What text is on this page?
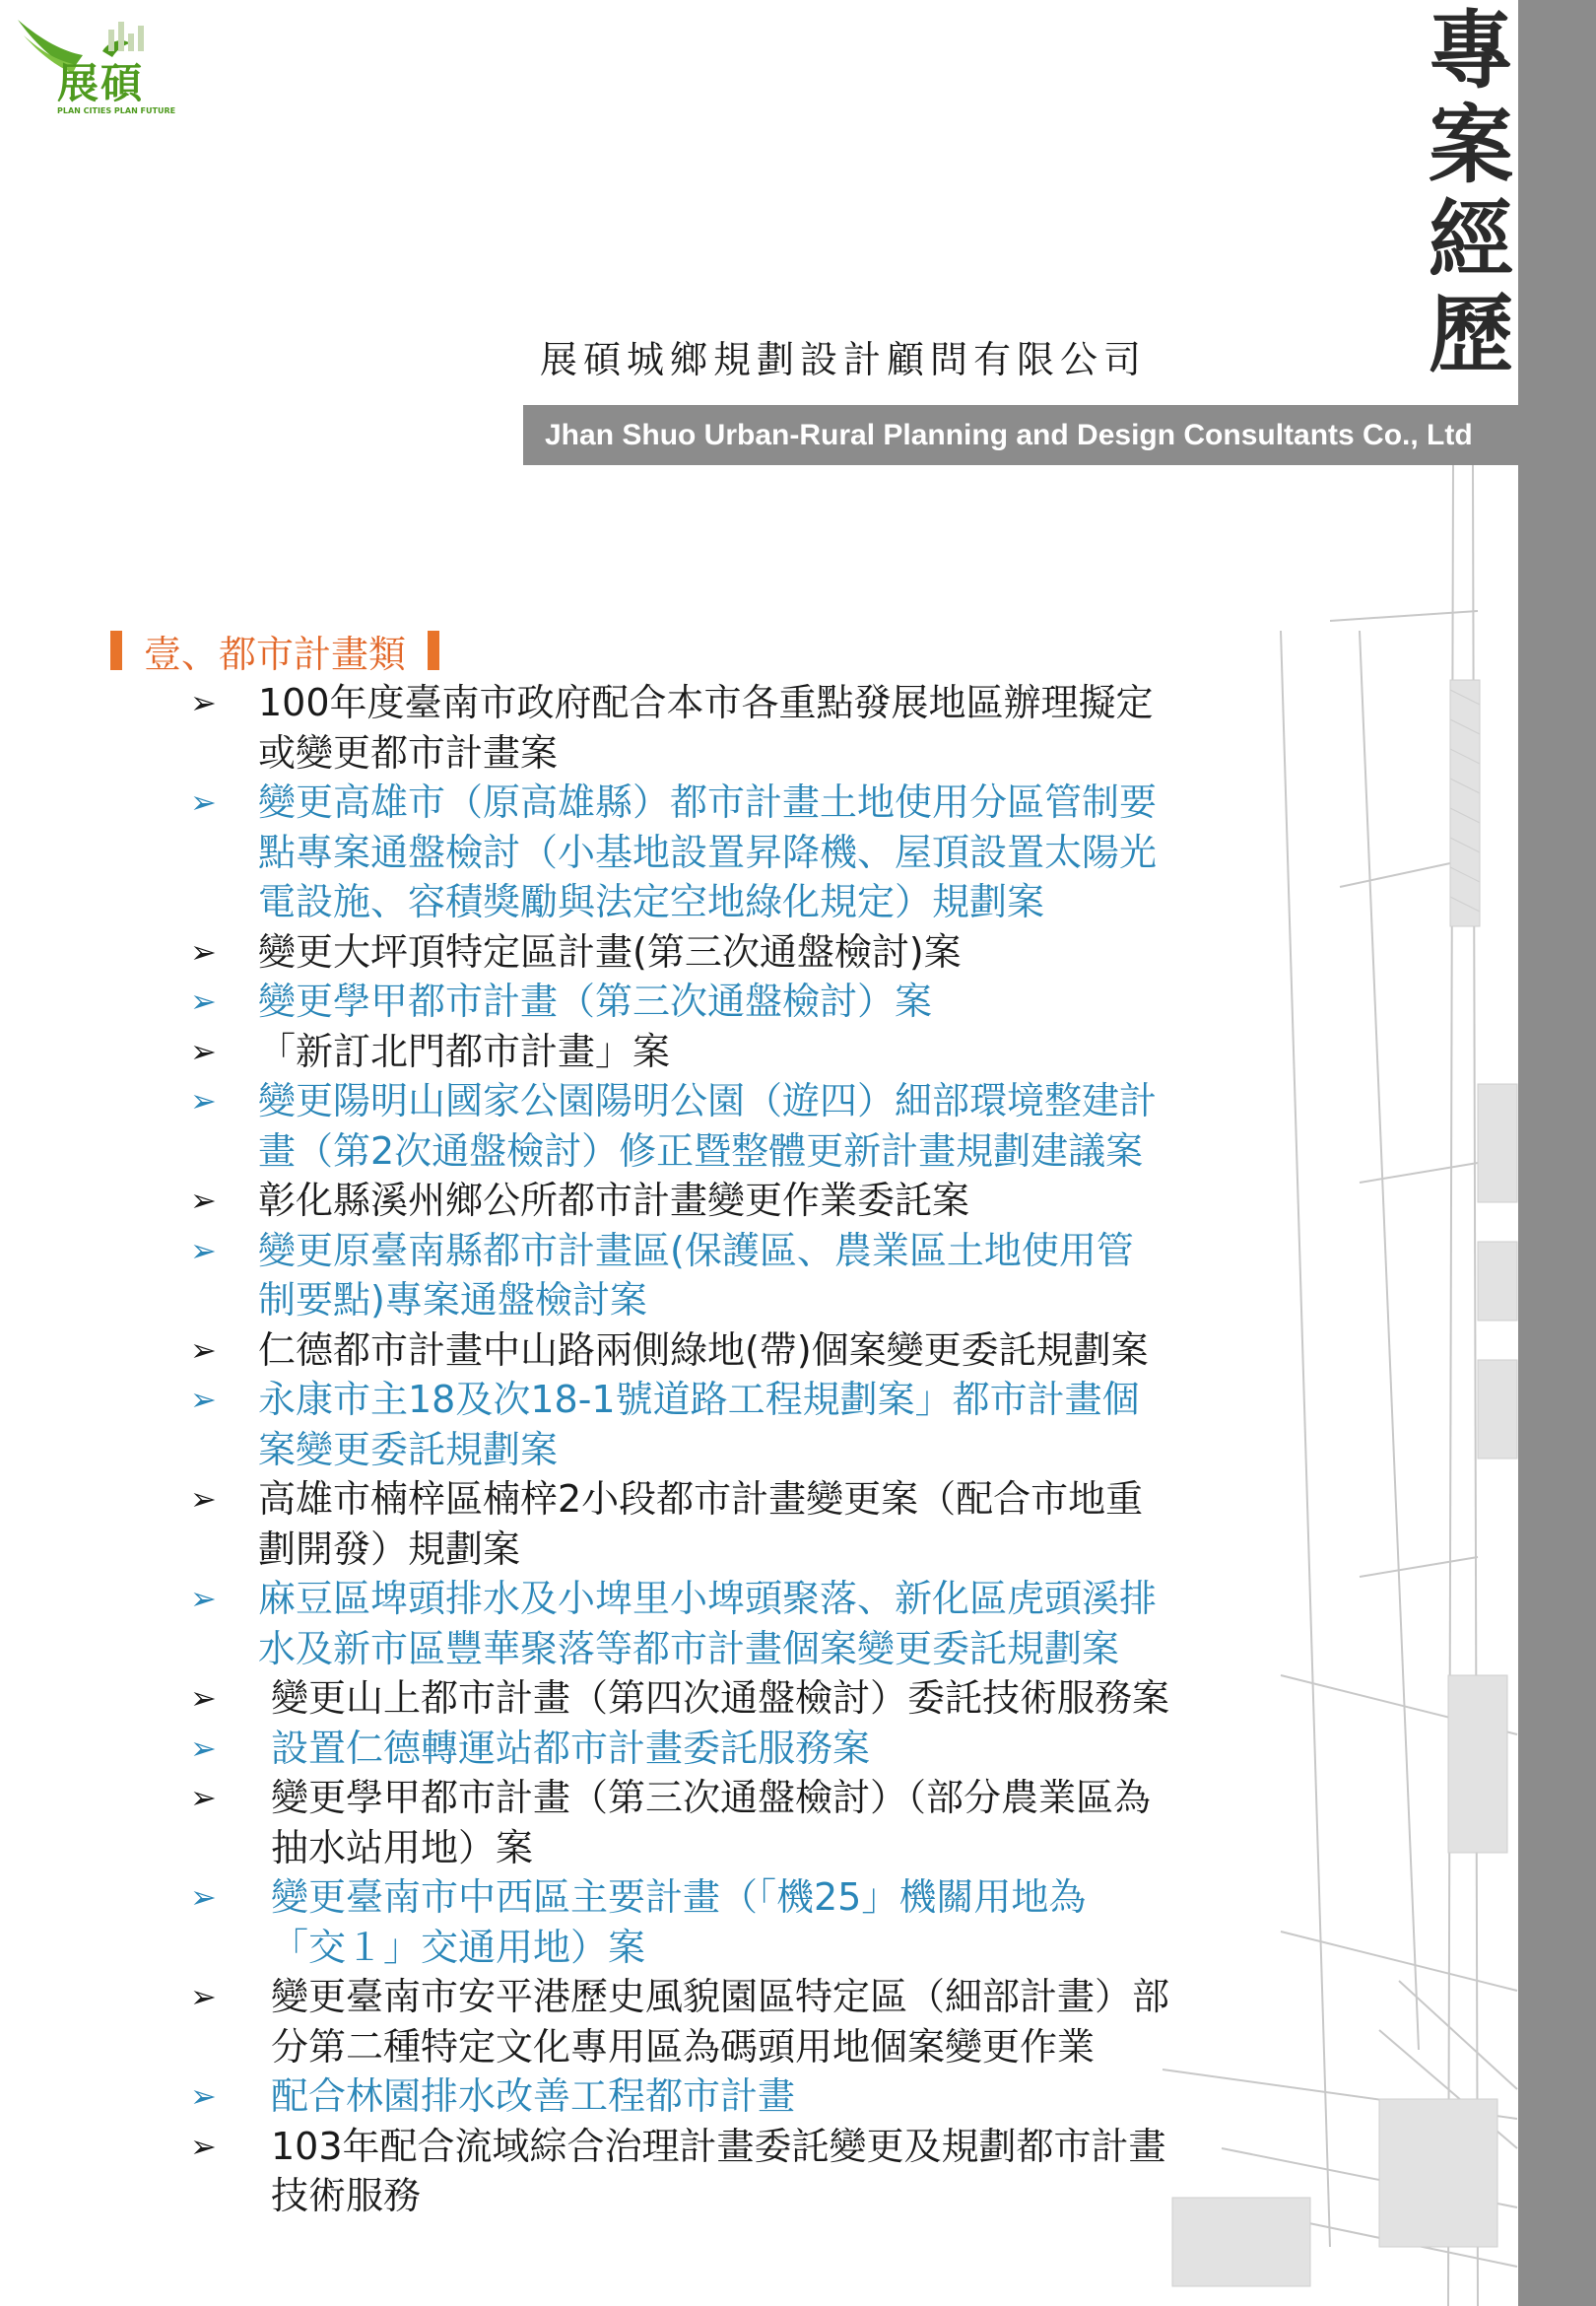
專
案
經
歷
展碩
PLAN CITIES PLAN FUTURE
展碩城鄉規劃設計顧問有限公司
Jhan Shuo Urban-Rural Planning and Design Consultants Co., Ltd
壹、都市計畫類
➢	100年度臺南市政府配合本市各重點發展地區辦理擬定
或變更都市計畫案
➢	變更高雄市（原高雄縣）都市計畫土地使用分區管制要
點專案通盤檢討（小基地設置昇降機、屋頂設置太陽光
電設施、容積獎勵與法定空地綠化規定）規劃案
➢	變更大坪頂特定區計畫(第三次通盤檢討)案
➢	變更學甲都市計畫（第三次通盤檢討）案
➢	「新訂北門都市計畫」案
➢	變更陽明山國家公園陽明公園（遊四）細部環境整建計
畫（第2次通盤檢討）修正暨整體更新計畫規劃建議案
➢	彰化縣溪州鄉公所都市計畫變更作業委託案
➢	變更原臺南縣都市計畫區(保護區、農業區土地使用管
制要點)專案通盤檢討案
➢	仁德都市計畫中山路兩側綠地(帶)個案變更委託規劃案
➢	永康市主18及次18-1號道路工程規劃案」都市計畫個
案變更委託規劃案
➢	高雄市楠梓區楠梓2小段都市計畫變更案（配合市地重
劃開發）規劃案
➢	麻豆區埤頭排水及小埤里小埤頭聚落、新化區虎頭溪排
水及新市區豐華聚落等都市計畫個案變更委託規劃案
➢	變更山上都市計畫（第四次通盤檢討）委託技術服務案
➢	設置仁德轉運站都市計畫委託服務案
➢	變更學甲都市計畫（第三次通盤檢討）（部分農業區為
抽水站用地）案
➢	變更臺南市中西區主要計畫（「機25」機關用地為
「交１」交通用地）案
➢	變更臺南市安平港歷史風貌園區特定區（細部計畫）部
分第二種特定文化專用區為碼頭用地個案變更作業
➢	配合林園排水改善工程都市計畫
➢	103年配合流域綜合治理計畫委託變更及規劃都市計畫
技術服務
